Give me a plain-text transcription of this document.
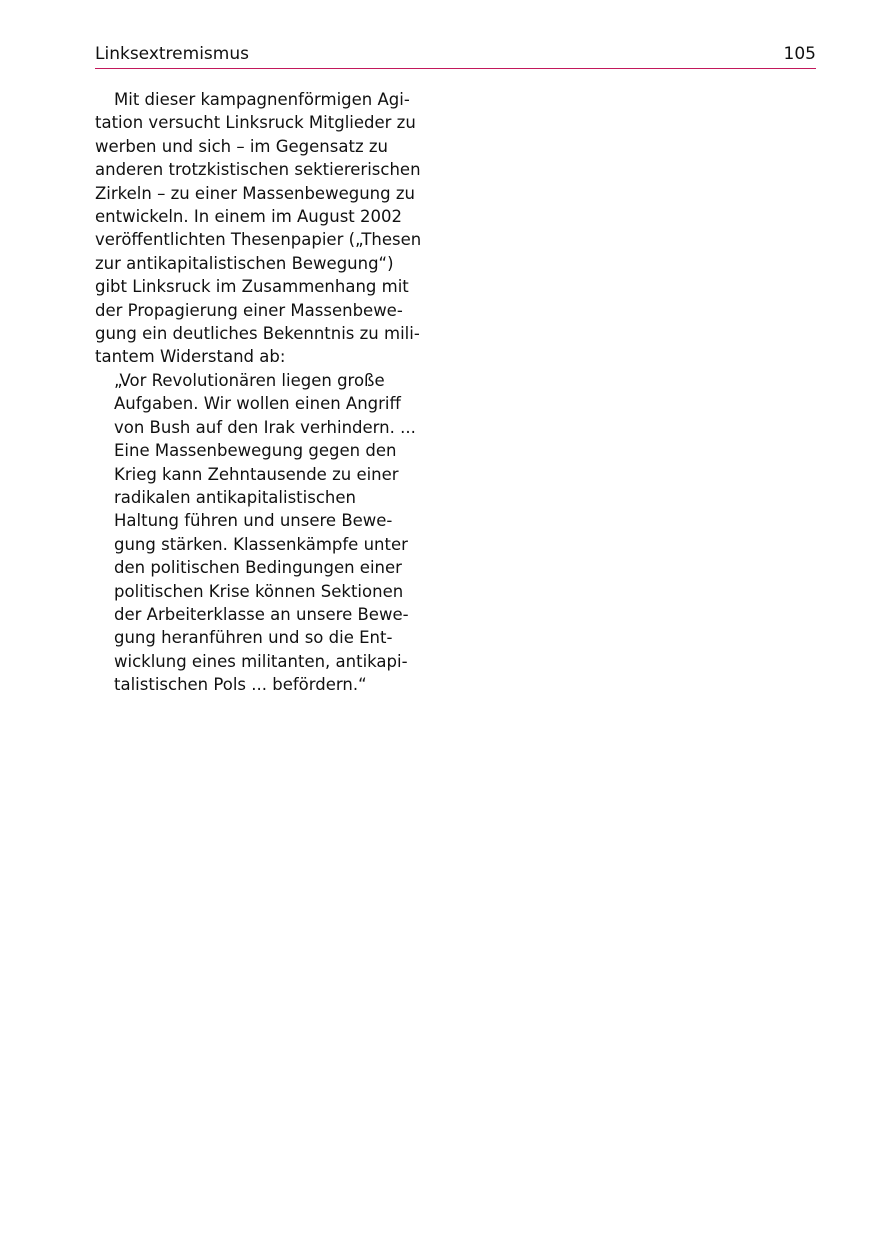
Linksextremismus	105
Mit dieser kampagnenförmigen Agi-
tation versucht Linksruck Mitglieder zu
werben und sich – im Gegensatz zu
anderen trotzkistischen sektiererischen
Zirkeln – zu einer Massenbewegung zu
entwickeln. In einem im August 2002
veröffentlichten Thesenpapier („Thesen
zur antikapitalistischen Bewegung“)
gibt Linksruck im Zusammenhang mit
der Propagierung einer Massenbewe-
gung ein deutliches Bekenntnis zu mili-
tantem Widerstand ab:
„Vor Revolutionären liegen große
Aufgaben. Wir wollen einen Angriff
von Bush auf den Irak verhindern. ...
Eine Massenbewegung gegen den
Krieg kann Zehntausende zu einer
radikalen antikapitalistischen
Haltung führen und unsere Bewe-
gung stärken. Klassenkämpfe unter
den politischen Bedingungen einer
politischen Krise können Sektionen
der Arbeiterklasse an unsere Bewe-
gung heranführen und so die Ent-
wicklung eines militanten, antikapi-
talistischen Pols ... befördern.“
